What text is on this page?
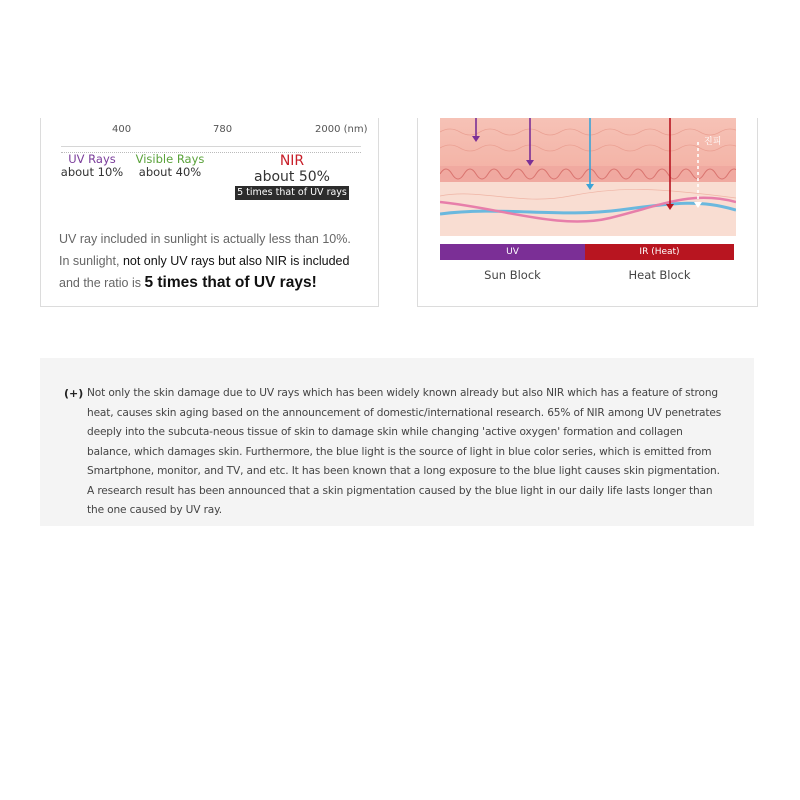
400	780	2000 (nm)
UV Rays
about 10%
Visible Rays
about 40%
NIR
about 50%
5 times that of UV rays
UV ray included in sunlight is actually less than 10%.
In sunlight, not only UV rays but also NIR is included
and the ratio is 5 times that of UV rays!
진피
UV	IR (Heat)
Sun Block	Heat Block
(+) Not only the skin damage due to UV rays which has been widely known already but also NIR which has a feature of strong heat, causes skin aging based on the announcement of domestic/international research. 65% of NIR among UV penetrates deeply into the subcuta-neous tissue of skin to damage skin while changing 'active oxygen' formation and collagen balance, which damages skin. Furthermore, the blue light is the source of light in blue color series, which is emitted from Smartphone, monitor, and TV, and etc. It has been known that a long exposure to the blue light causes skin pigmentation. A research result has been announced that a skin pigmentation caused by the blue light in our daily life lasts longer than the one caused by UV ray.
